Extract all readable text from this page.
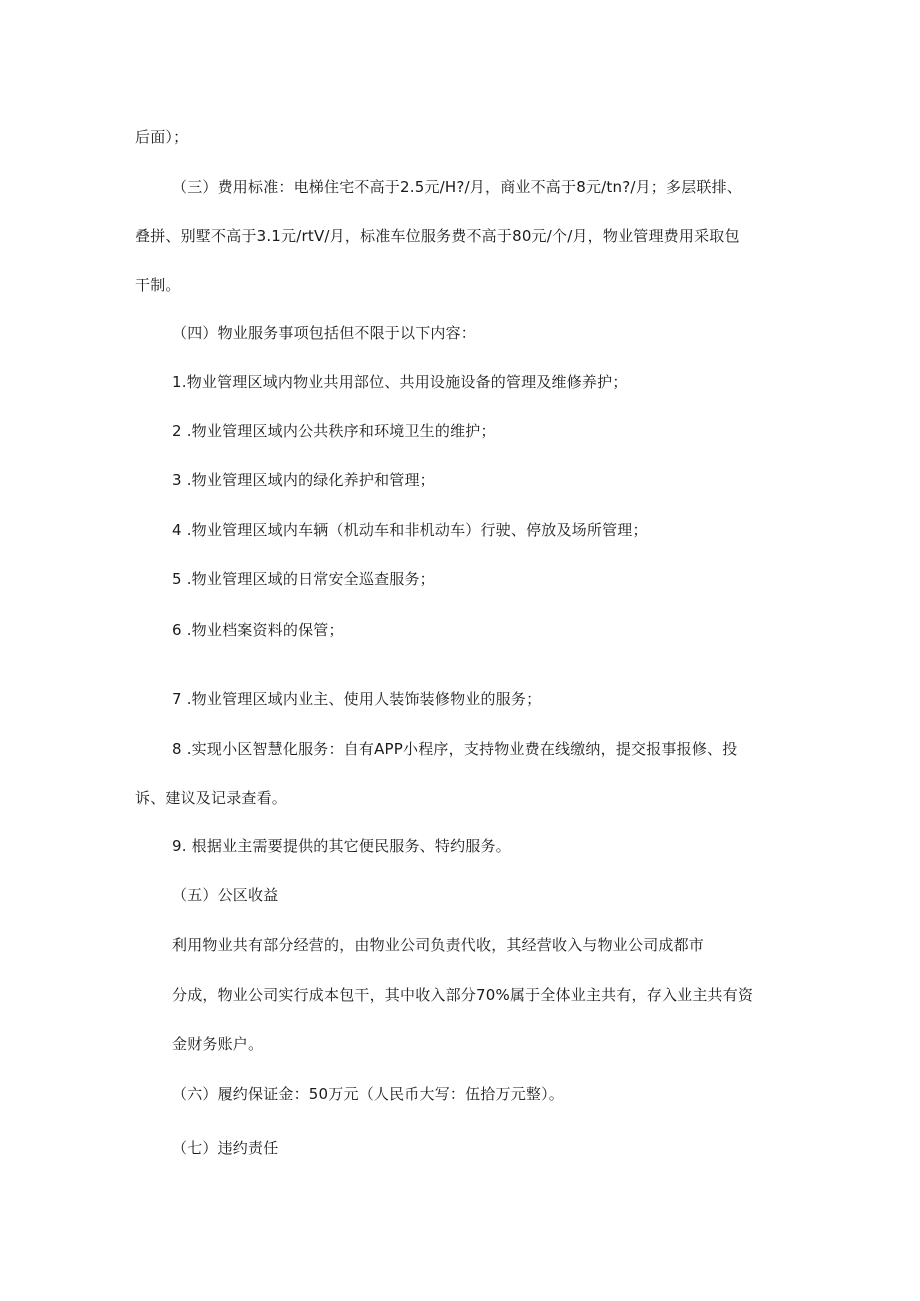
后面）；

（三）费用标准：电梯住宅不高于2.5元/H?/月，商业不高于8元/tn?/月；多层联排、

叠拼、别墅不高于3.1元/rtV/月，标准车位服务费不高于80元/个/月，物业管理费用采取包

干制。

（四）物业服务事项包括但不限于以下内容：

1.物业管理区域内物业共用部位、共用设施设备的管理及维修养护；

2 .物业管理区域内公共秩序和环境卫生的维护；

3 .物业管理区域内的绿化养护和管理；

4 .物业管理区域内车辆（机动车和非机动车）行驶、停放及场所管理；

5 .物业管理区域的日常安全巡查服务；

6 .物业档案资料的保管；

7 .物业管理区域内业主、使用人装饰装修物业的服务；

8 .实现小区智慧化服务：自有APP小程序，支持物业费在线缴纳，提交报事报修、投

诉、建议及记录查看。

9. 根据业主需要提供的其它便民服务、特约服务。

（五）公区收益

利用物业共有部分经营的，由物业公司负责代收，其经营收入与物业公司成都市

分成，物业公司实行成本包干，其中收入部分70%属于全体业主共有，存入业主共有资

金财务账户。

（六）履约保证金：50万元（人民币大写：伍拾万元整）。

（七）违约责任
